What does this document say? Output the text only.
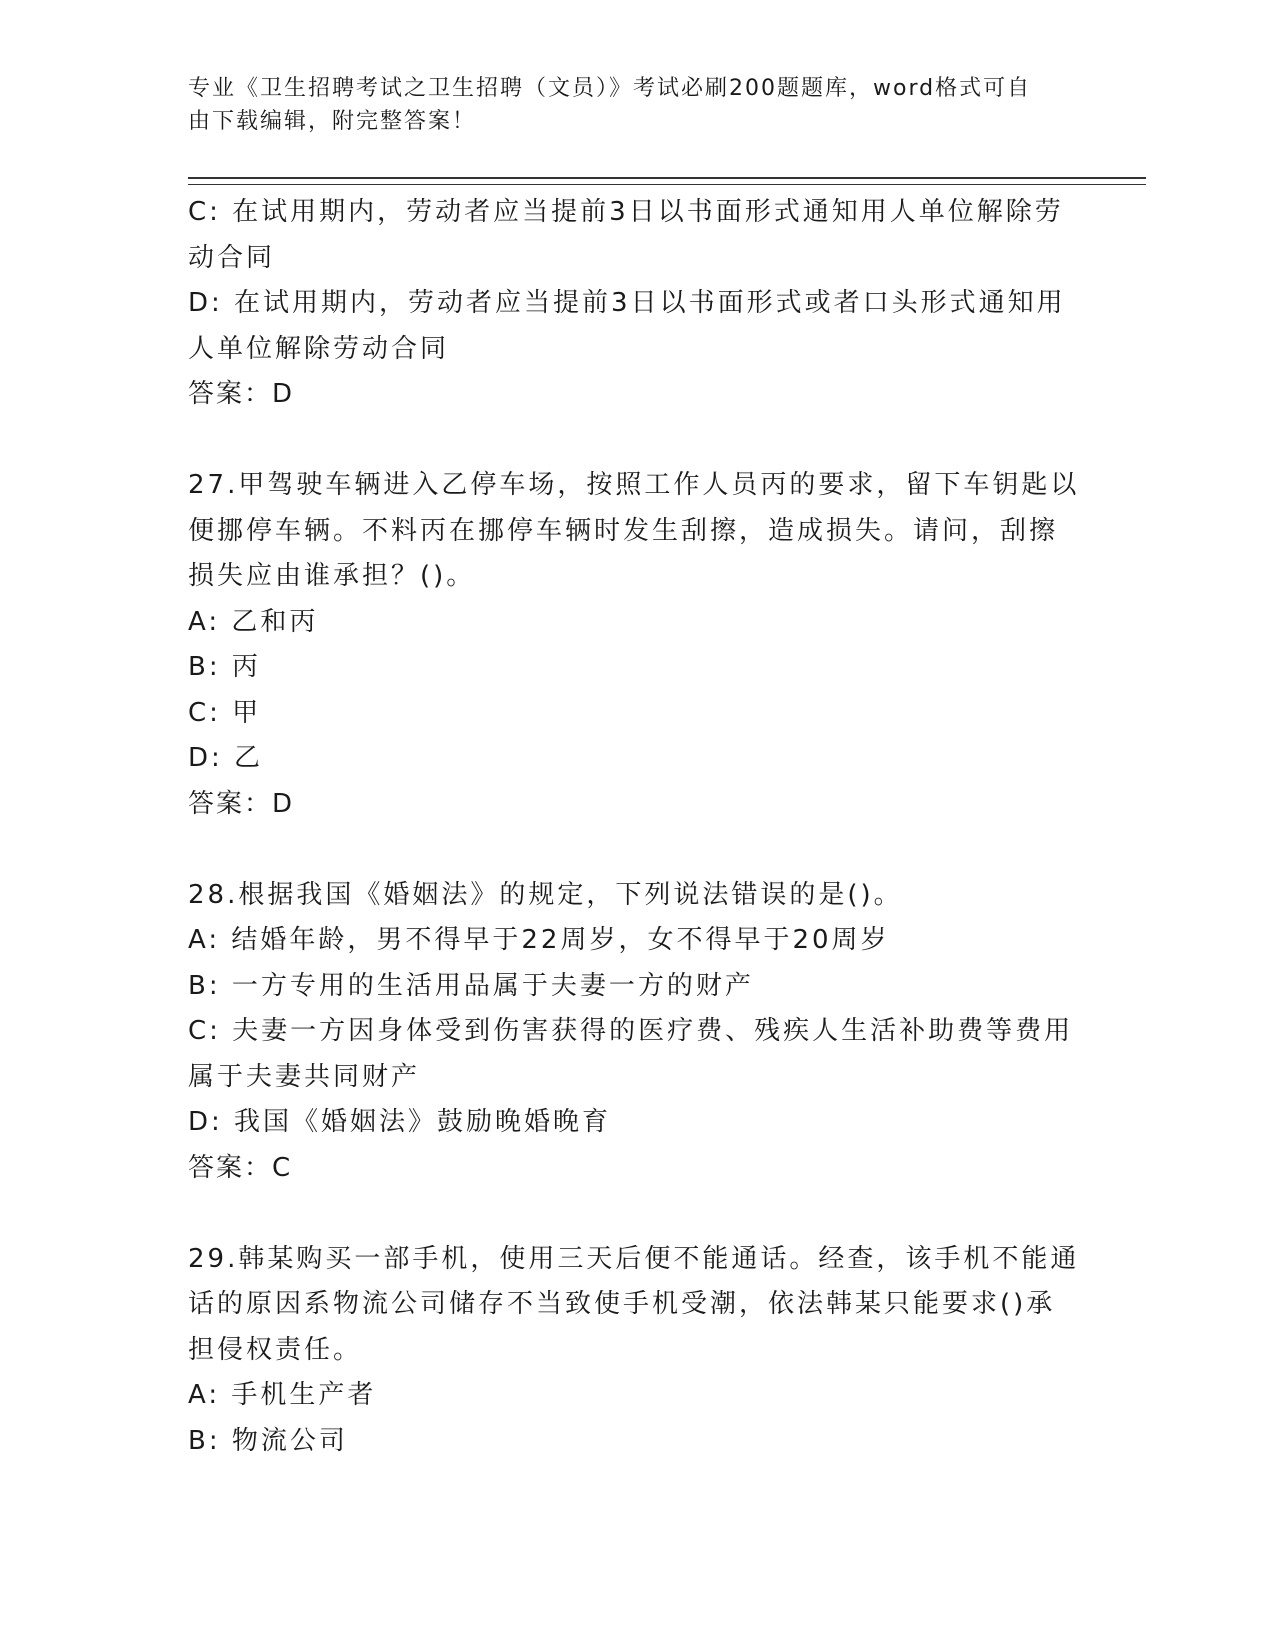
专业《卫生招聘考试之卫生招聘（文员）》考试必刷200题题库，word格式可自
由下载编辑，附完整答案！
C: 在试用期内，劳动者应当提前3日以书面形式通知用人单位解除劳
动合同
D: 在试用期内，劳动者应当提前3日以书面形式或者口头形式通知用
人单位解除劳动合同
答案：D
27.甲驾驶车辆进入乙停车场，按照工作人员丙的要求，留下车钥匙以
便挪停车辆。不料丙在挪停车辆时发生刮擦，造成损失。请问，刮擦
损失应由谁承担？()。
A: 乙和丙
B: 丙
C: 甲
D: 乙
答案：D
28.根据我国《婚姻法》的规定，下列说法错误的是()。
A: 结婚年龄，男不得早于22周岁，女不得早于20周岁
B: 一方专用的生活用品属于夫妻一方的财产
C: 夫妻一方因身体受到伤害获得的医疗费、残疾人生活补助费等费用
属于夫妻共同财产
D: 我国《婚姻法》鼓励晚婚晚育
答案：C
29.韩某购买一部手机，使用三天后便不能通话。经查，该手机不能通
话的原因系物流公司储存不当致使手机受潮，依法韩某只能要求()承
担侵权责任。
A: 手机生产者
B: 物流公司
